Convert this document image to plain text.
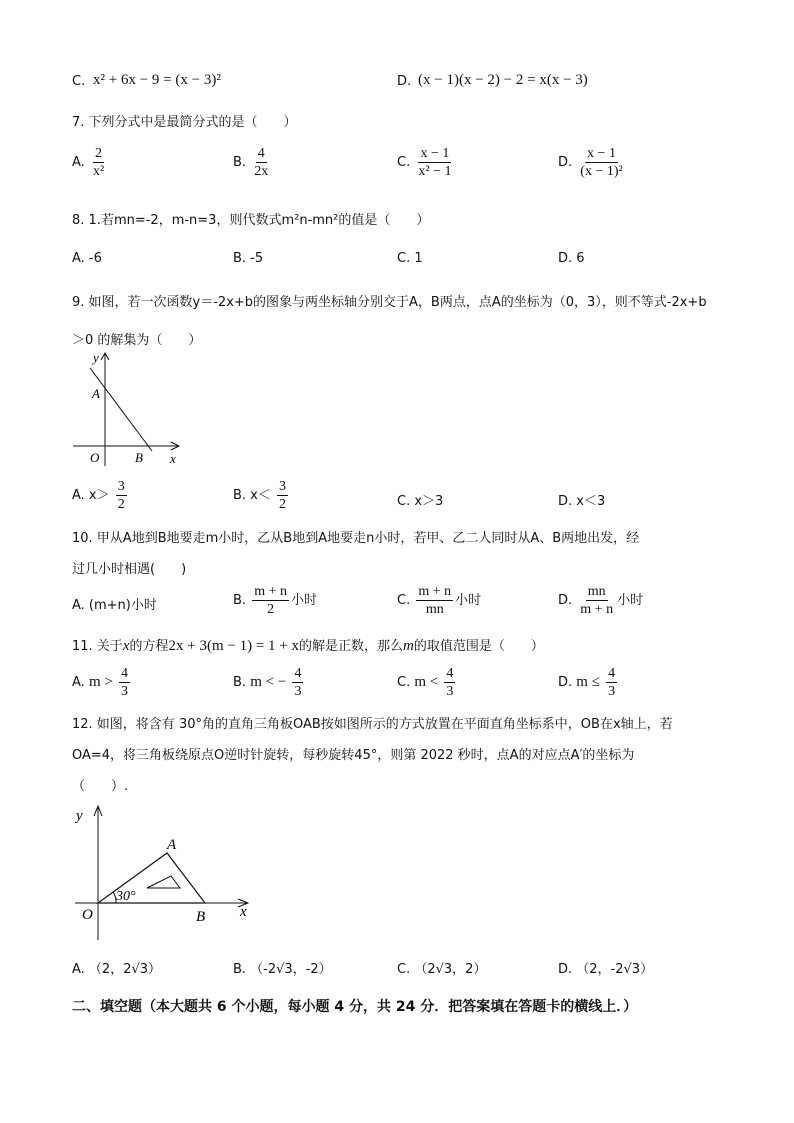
C. x² + 6x − 9 = (x − 3)²	D. (x − 1)(x − 2) − 2 = x(x − 3)
7. 下列分式中是最简分式的是（　　）
A. $\frac{2}{\text{x²}}$	B. $\frac{4}{2x}$	C. $\frac{x - 1}{\text{x² − 1}}$	D. $\frac{x - 1}{\text{(x − 1)²}}$
8. 1.若mn=-2，m-n=3，则代数式m²n-mn²的值是（　　）
A. -6	B. -5	C. 1	D. 6
9. 如图，若一次函数y＝-2x+b的图象与两坐标轴分别交于A，B两点，点A的坐标为（0，3），则不等式-2x+b
＞0 的解集为（　　）
y
A
O	B x
A. $x> \frac{3}{2}$	B. $x< \frac{3}{2}$	C. x＞3	D. x＜3
10. 甲从A地到B地要走m小时，乙从B地到A地要走n小时，若甲、乙二人同时从A、B两地出发，经
过几小时相遇(　　)
A. (m+n)小时	B. $\frac{m + n}{2}$ 小时	C. $\frac{m + n}{mn}$ 小时	D. $\frac{mn}{m + n}$ 小时
11. 关于x的方程2x + 3(m − 1) = 1 + x的解是正数，那么m的取值范围是（　　）
A. $m > \frac{4}{3}$	B. m < − $\frac{4}{3}$	C. $m < \frac{4}{3}$	D. $m \le \frac{4}{3}$
12. 如图，将含有 30°角的直角三角板OAB按如图所示的方式放置在平面直角坐标系中，OB在x轴上，若
OA=4，将三角板绕原点O逆时针旋转，每秒旋转45°，则第 2022 秒时，点A的对应点A′的坐标为
（　　）.
y
A
30°
O	B x
A. （2，2√3）	B. （-2√3，-2）	C. （2√3，2）	D. （2，-2√3）
二、填空题（本大题共 6 个小题，每小题 4 分，共 24 分．把答案填在答题卡的横线上．）
